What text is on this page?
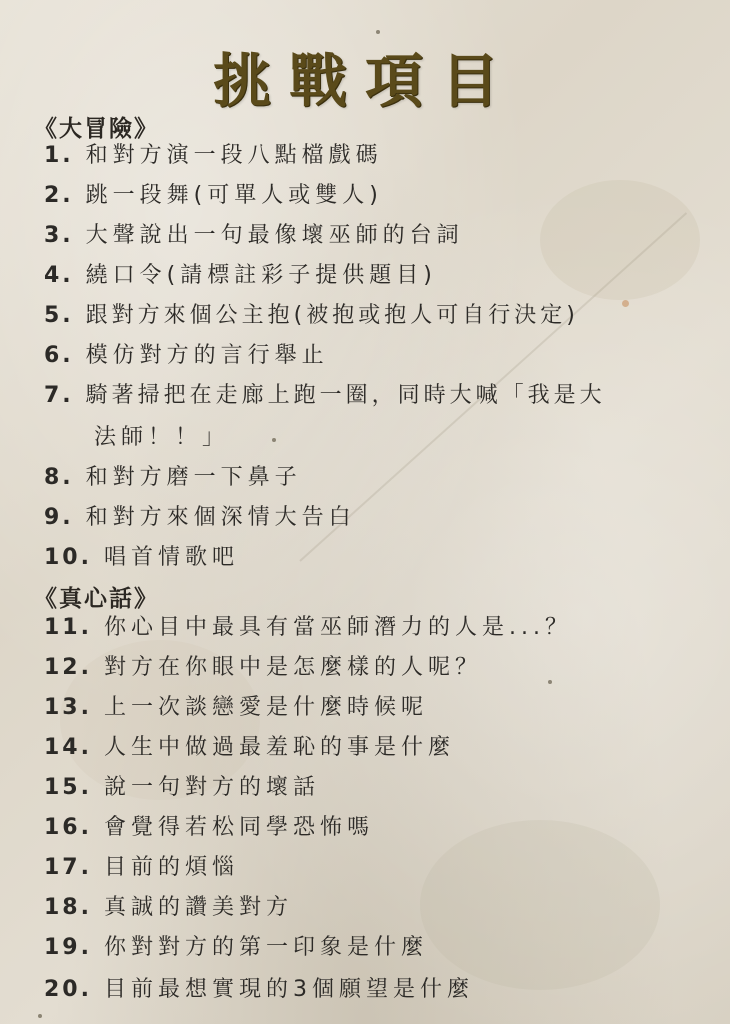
挑戰項目
《大冒險》
1. 和對方演一段八點檔戲碼
2. 跳一段舞(可單人或雙人)
3. 大聲說出一句最像壞巫師的台詞
4. 繞口令(請標註彩子提供題目)
5. 跟對方來個公主抱(被抱或抱人可自行決定)
6. 模仿對方的言行舉止
7. 騎著掃把在走廊上跑一圈，同時大喊「我是大
法師！！」
8. 和對方磨一下鼻子
9. 和對方來個深情大告白
10. 唱首情歌吧
《真心話》
11. 你心目中最具有當巫師潛力的人是...？
12. 對方在你眼中是怎麼樣的人呢？
13. 上一次談戀愛是什麼時候呢
14. 人生中做過最羞恥的事是什麼
15. 說一句對方的壞話
16. 會覺得若松同學恐怖嗎
17. 目前的煩惱
18. 真誠的讚美對方
19. 你對對方的第一印象是什麼
20. 目前最想實現的3個願望是什麼
